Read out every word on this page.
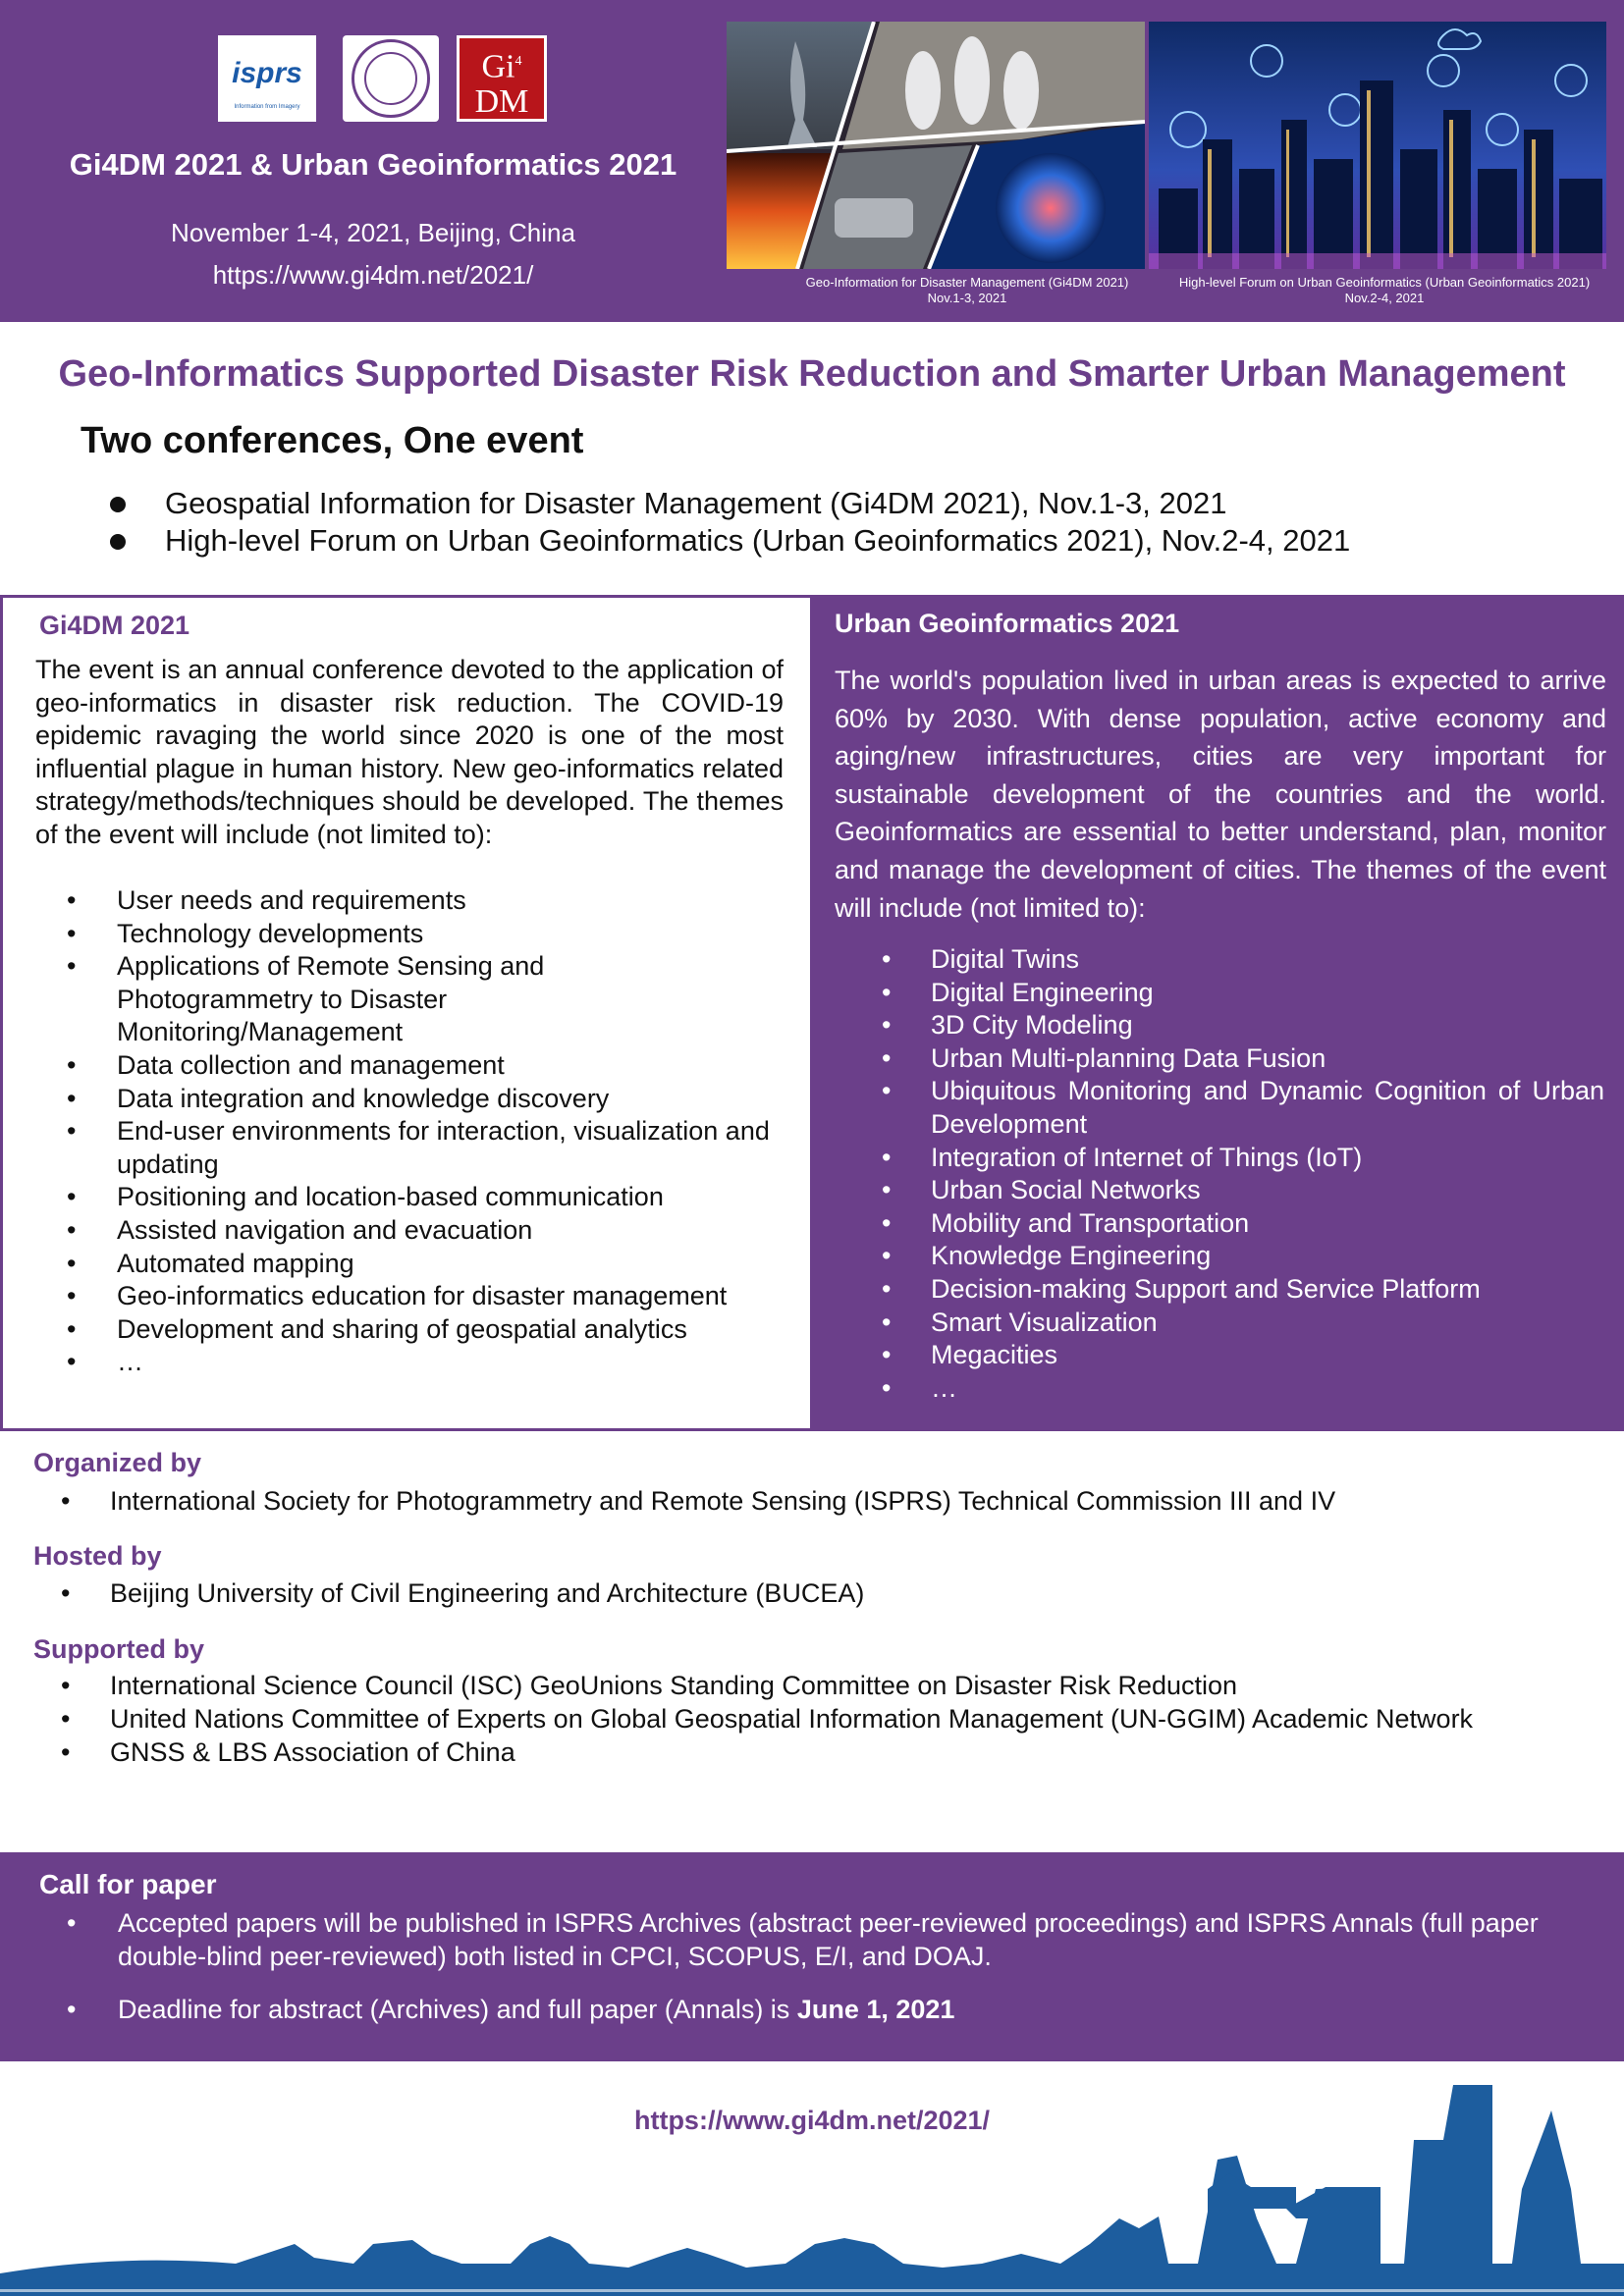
isprs
Information from Imagery
Gi$^4$
DM
Gi4DM 2021 & Urban Geoinformatics 2021
November 1-4, 2021, Beijing, China
https://www.gi4dm.net/2021/	Geo-Information for Disaster Management (Gi4DM 2021)
Nov.1-3, 2021
High-level Forum on Urban Geoinformatics (Urban Geoinformatics 2021)
Nov.2-4, 2021
Geo-Informatics Supported Disaster Risk Reduction and Smarter Urban Management
Two conferences, One event
Geospatial Information for Disaster Management (Gi4DM 2021), Nov.1-3, 2021
High-level Forum on Urban Geoinformatics (Urban Geoinformatics 2021), Nov.2-4, 2021
Gi4DM 2021
The event is an annual conference devoted to the application of geo-informatics in disaster risk reduction. The COVID-19 epidemic ravaging the world since 2020 is one of the most influential plague in human history. New geo-informatics related strategy/methods/techniques should be developed. The themes of the event will include (not limited to):
• User needs and requirements
• Technology developments
• Applications of Remote Sensing and Photogrammetry to Disaster Monitoring/Management
• Data collection and management
• Data integration and knowledge discovery
• End-user environments for interaction, visualization and updating
• Positioning and location-based communication
• Assisted navigation and evacuation
• Automated mapping
• Geo-informatics education for disaster management
• Development and sharing of geospatial analytics
• …
Urban Geoinformatics 2021
The world's population lived in urban areas is expected to arrive 60% by 2030. With dense population, active economy and aging/new infrastructures, cities are very important for sustainable development of the countries and the world. Geoinformatics are essential to better understand, plan, monitor and manage the development of cities. The themes of the event will include (not limited to):
• Digital Twins
• Digital Engineering
• 3D City Modeling
• Urban Multi-planning Data Fusion
• Ubiquitous Monitoring and Dynamic Cognition of Urban Development
• Integration of Internet of Things (IoT)
• Urban Social Networks
• Mobility and Transportation
• Knowledge Engineering
• Decision-making Support and Service Platform
• Smart Visualization
• Megacities
• …
Organized by
• International Society for Photogrammetry and Remote Sensing (ISPRS) Technical Commission III and IV
Hosted by
• Beijing University of Civil Engineering and Architecture (BUCEA)
Supported by
• International Science Council (ISC) GeoUnions Standing Committee on Disaster Risk Reduction
• United Nations Committee of Experts on Global Geospatial Information Management (UN-GGIM) Academic Network
• GNSS & LBS Association of China
Call for paper
• Accepted papers will be published in ISPRS Archives (abstract peer-reviewed proceedings) and ISPRS Annals (full paper double-blind peer-reviewed) both listed in CPCI, SCOPUS, E/I, and DOAJ.
• Deadline for abstract (Archives) and full paper (Annals) is June 1, 2021
https://www.gi4dm.net/2021/
